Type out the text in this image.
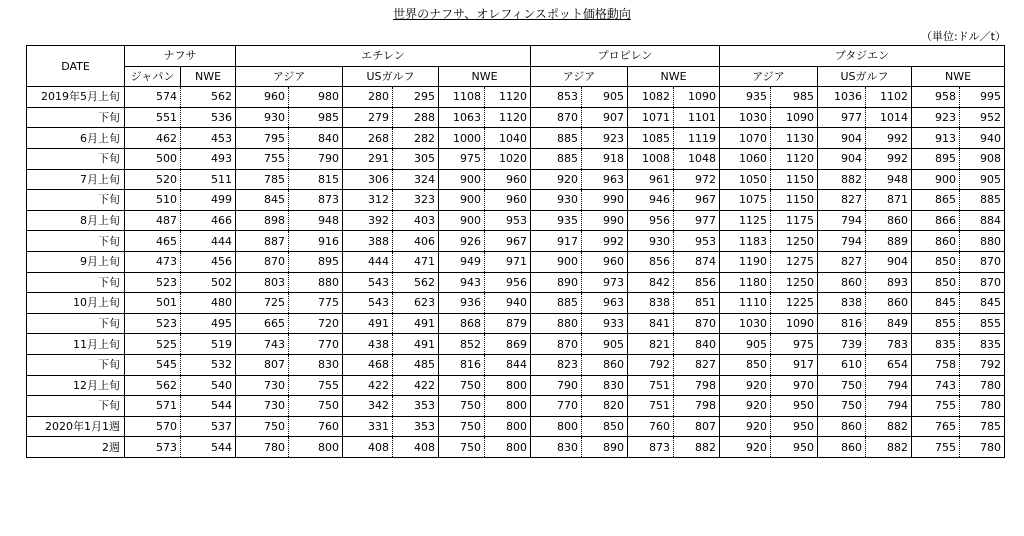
世界のナフサ、オレフィンスポット価格動向
（単位:ドル／t）
DATE	ナフサ		エチレン						プロピレン				ブタジエン					
	ジャパン	NWE	アジア		USガルフ		NWE		アジア		NWE		アジア		USガルフ		NWE	
2019年5月上旬	574	562	960	980	280	295	1108	1120	853	905	1082	1090	935	985	1036	1102	958	995
下旬	551	536	930	985	279	288	1063	1120	870	907	1071	1101	1030	1090	977	1014	923	952
6月上旬	462	453	795	840	268	282	1000	1040	885	923	1085	1119	1070	1130	904	992	913	940
下旬	500	493	755	790	291	305	975	1020	885	918	1008	1048	1060	1120	904	992	895	908
7月上旬	520	511	785	815	306	324	900	960	920	963	961	972	1050	1150	882	948	900	905
下旬	510	499	845	873	312	323	900	960	930	990	946	967	1075	1150	827	871	865	885
8月上旬	487	466	898	948	392	403	900	953	935	990	956	977	1125	1175	794	860	866	884
下旬	465	444	887	916	388	406	926	967	917	992	930	953	1183	1250	794	889	860	880
9月上旬	473	456	870	895	444	471	949	971	900	960	856	874	1190	1275	827	904	850	870
下旬	523	502	803	880	543	562	943	956	890	973	842	856	1180	1250	860	893	850	870
10月上旬	501	480	725	775	543	623	936	940	885	963	838	851	1110	1225	838	860	845	845
下旬	523	495	665	720	491	491	868	879	880	933	841	870	1030	1090	816	849	855	855
11月上旬	525	519	743	770	438	491	852	869	870	905	821	840	905	975	739	783	835	835
下旬	545	532	807	830	468	485	816	844	823	860	792	827	850	917	610	654	758	792
12月上旬	562	540	730	755	422	422	750	800	790	830	751	798	920	970	750	794	743	780
下旬	571	544	730	750	342	353	750	800	770	820	751	798	920	950	750	794	755	780
2020年1月1週	570	537	750	760	331	353	750	800	800	850	760	807	920	950	860	882	765	785
2週	573	544	780	800	408	408	750	800	830	890	873	882	920	950	860	882	755	780
